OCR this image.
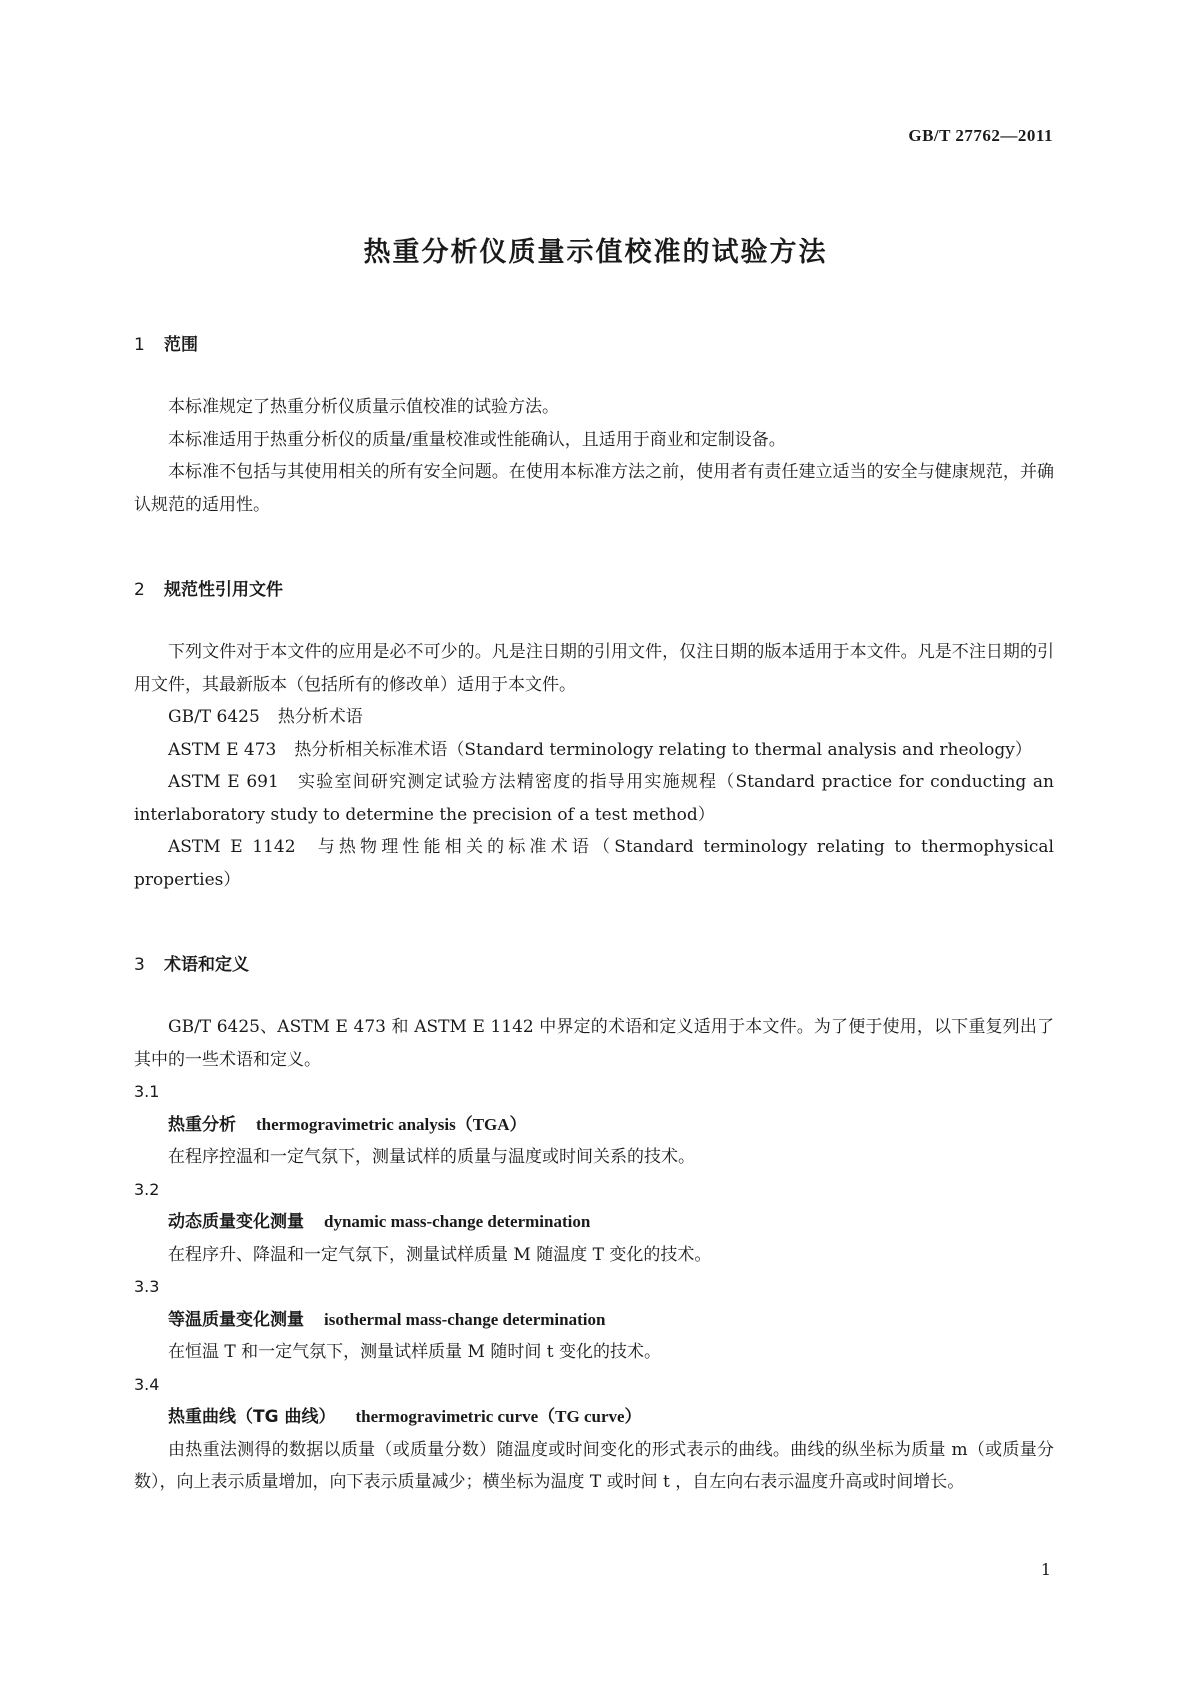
GB/T 27762—2011
热重分析仪质量示值校准的试验方法
1 范围

本标准规定了热重分析仪质量示值校准的试验方法。

本标准适用于热重分析仪的质量/重量校准或性能确认，且适用于商业和定制设备。

本标准不包括与其使用相关的所有安全问题。在使用本标准方法之前，使用者有责任建立适当的安全与健康规范，并确认规范的适用性。

2 规范性引用文件

下列文件对于本文件的应用是必不可少的。凡是注日期的引用文件，仅注日期的版本适用于本文件。凡是不注日期的引用文件，其最新版本（包括所有的修改单）适用于本文件。

GB/T 6425 热分析术语

ASTM E 473 热分析相关标准术语（Standard terminology relating to thermal analysis and rheology）

ASTM E 691 实验室间研究测定试验方法精密度的指导用实施规程（Standard practice for conducting an interlaboratory study to determine the precision of a test method）

ASTM E 1142 与热物理性能相关的标准术语（Standard terminology relating to thermophysical properties）

3 术语和定义

GB/T 6425、ASTM E 473 和 ASTM E 1142 中界定的术语和定义适用于本文件。为了便于使用，以下重复列出了其中的一些术语和定义。

3.1
热重分析 thermogravimetric analysis（TGA）

在程序控温和一定气氛下，测量试样的质量与温度或时间关系的技术。

3.2
动态质量变化测量 dynamic mass-change determination

在程序升、降温和一定气氛下，测量试样质量 M 随温度 T 变化的技术。

3.3
等温质量变化测量 isothermal mass-change determination

在恒温 T 和一定气氛下，测量试样质量 M 随时间 t 变化的技术。

3.4
热重曲线（TG 曲线） thermogravimetric curve（TG curve）

由热重法测得的数据以质量（或质量分数）随温度或时间变化的形式表示的曲线。曲线的纵坐标为质量 m（或质量分数），向上表示质量增加，向下表示质量减少；横坐标为温度 T 或时间 t ，自左向右表示温度升高或时间增长。

1
